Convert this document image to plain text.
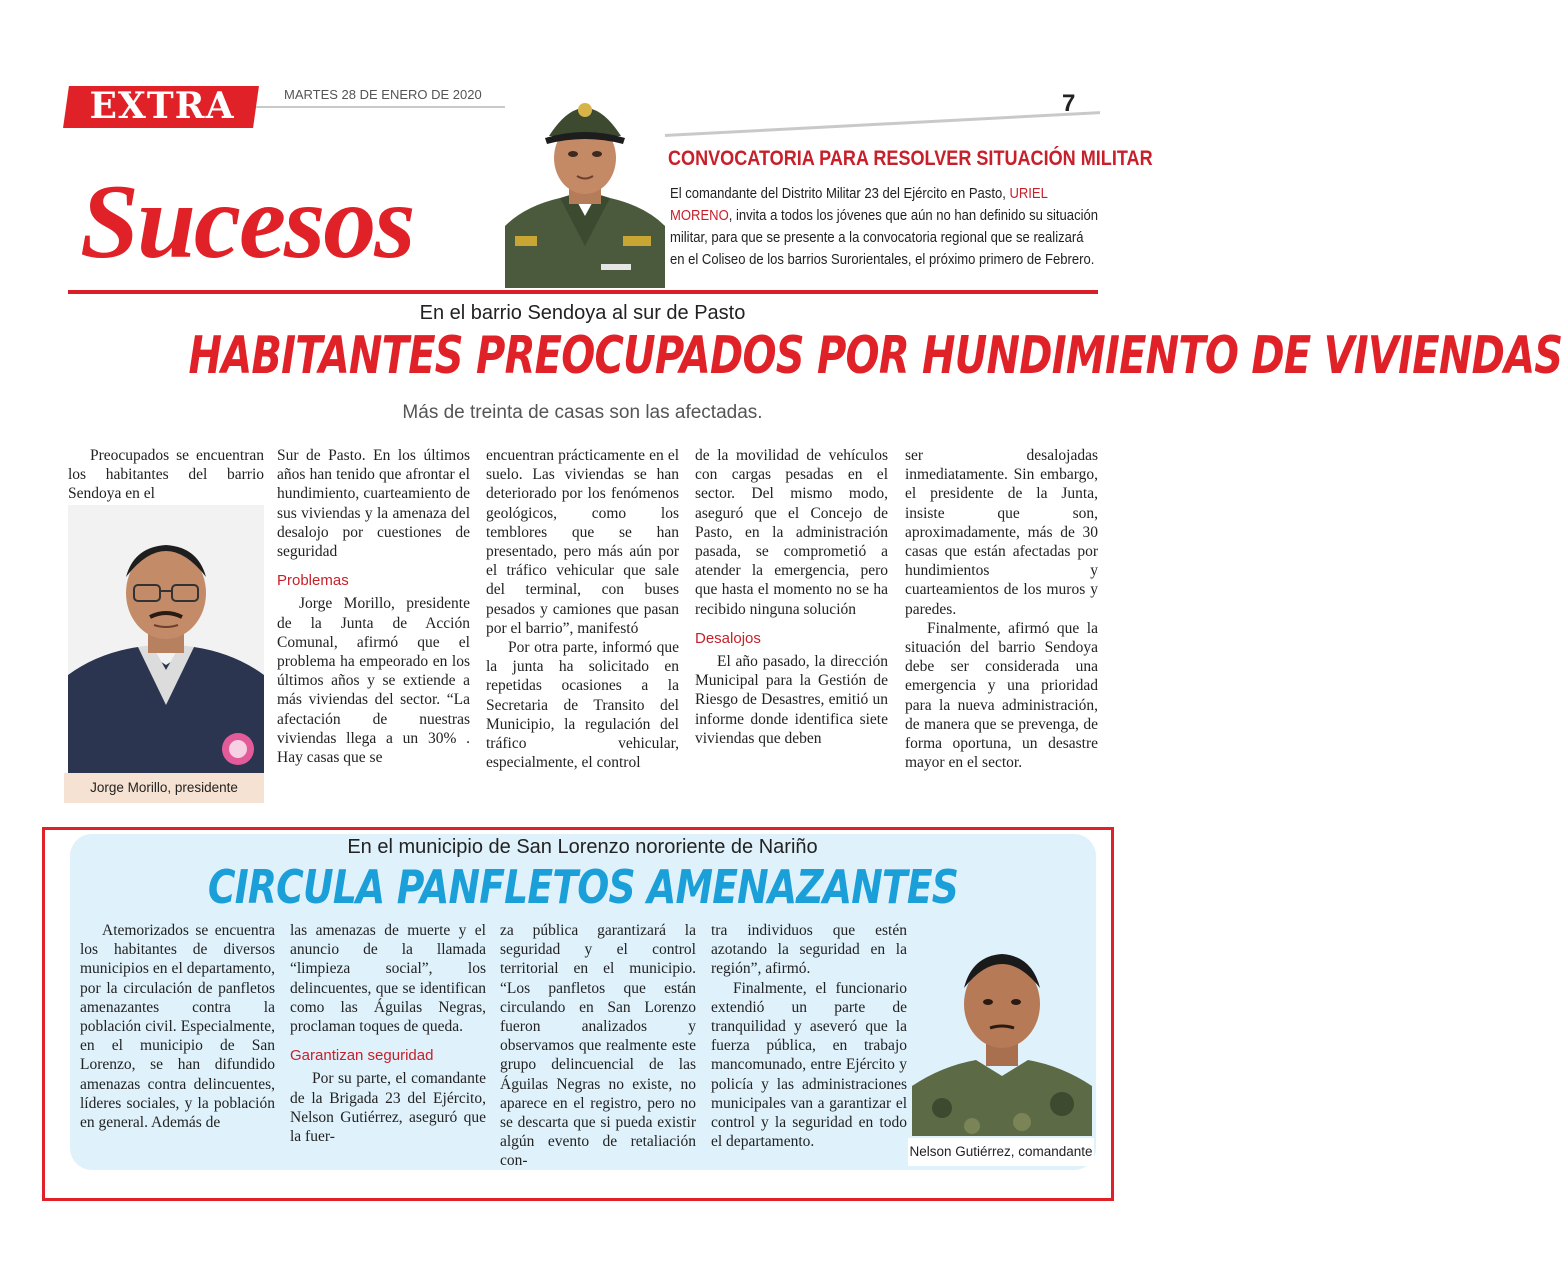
EXTRA	MARTES 28 DE ENERO DE 2020	7
Sucesos
CONVOCATORIA PARA RESOLVER SITUACIÓN MILITAR
El comandante del Distrito Militar 23 del Ejército en Pasto, URIEL MORENO, invita a todos los jóvenes que aún no han definido su situación militar, para que se presente a la convocatoria regional que se realizará en el Coliseo de los barrios Surorientales, el próximo primero de Febrero.
En el barrio Sendoya al sur de Pasto
HABITANTES PREOCUPADOS POR HUNDIMIENTO DE VIVIENDAS
Más de treinta de casas son las afectadas.

Preocupados se encuentran los habitantes del barrio Sendoya en el

Jorge Morillo, presidente

Sur de Pasto. En los últimos años han tenido que afrontar el hundimiento, cuarteamiento de sus viviendas y la amenaza del desalojo por cuestiones de seguridad

Problemas

Jorge Morillo, presidente de la Junta de Acción Comunal, afirmó que el problema ha empeorado en los últimos años y se extiende a más viviendas del sector. “La afectación de nuestras viviendas llega a un 30% . Hay casas que se

encuentran prácticamente en el suelo. Las viviendas se han deteriorado por los fenómenos geológicos, como los temblores que se han presentado, pero más aún por el tráfico vehicular que sale del terminal, con buses pesados y camiones que pasan por el barrio”, manifestó

Por otra parte, informó que la junta ha solicitado en repetidas ocasiones a la Secretaria de Transito del Municipio, la regulación del tráfico vehicular, especialmente, el control

de la movilidad de vehículos con cargas pesadas en el sector. Del mismo modo, aseguró que el Concejo de Pasto, en la administración pasada, se comprometió a atender la emergencia, pero que hasta el momento no se ha recibido ninguna solución

Desalojos

El año pasado, la dirección Municipal para la Gestión de Riesgo de Desastres, emitió un informe donde identifica siete viviendas que deben

ser desalojadas inmediatamente. Sin embargo, el presidente de la Junta, insiste que son, aproximadamente, más de 30 casas que están afectadas por hundimientos y cuarteamientos de los muros y paredes.

Finalmente, afirmó que la situación del barrio Sendoya debe ser considerada una emergencia y una prioridad para la nueva administración, de manera que se prevenga, de forma oportuna, un desastre mayor en el sector.

En el municipio de San Lorenzo nororiente de Nariño
CIRCULA PANFLETOS AMENAZANTES

Atemorizados se encuentra los habitantes de diversos municipios en el departamento, por la circulación de panfletos amenazantes contra la población civil. Especialmente, en el municipio de San Lorenzo, se han difundido amenazas contra delincuentes, líderes sociales, y la población en general. Además de

las amenazas de muerte y el anuncio de la llamada “limpieza social”, los delincuentes, que se identifican como las Águilas Negras, proclaman toques de queda.

Garantizan seguridad

Por su parte, el comandante de la Brigada 23 del Ejército, Nelson Gutiérrez, aseguró que la fuer-

za pública garantizará la seguridad y el control territorial en el municipio. “Los panfletos que están circulando en San Lorenzo fueron analizados y observamos que realmente este grupo delincuencial de las Águilas Negras no existe, no aparece en el registro, pero no se descarta que si pueda existir algún evento de retaliación con-

tra individuos que estén azotando la seguridad en la región”, afirmó.

Finalmente, el funcionario extendió un parte de tranquilidad y aseveró que la fuerza pública, en trabajo mancomunado, entre Ejército y policía y las administraciones municipales van a garantizar el control y la seguridad en todo el departamento.

Nelson Gutiérrez, comandante
